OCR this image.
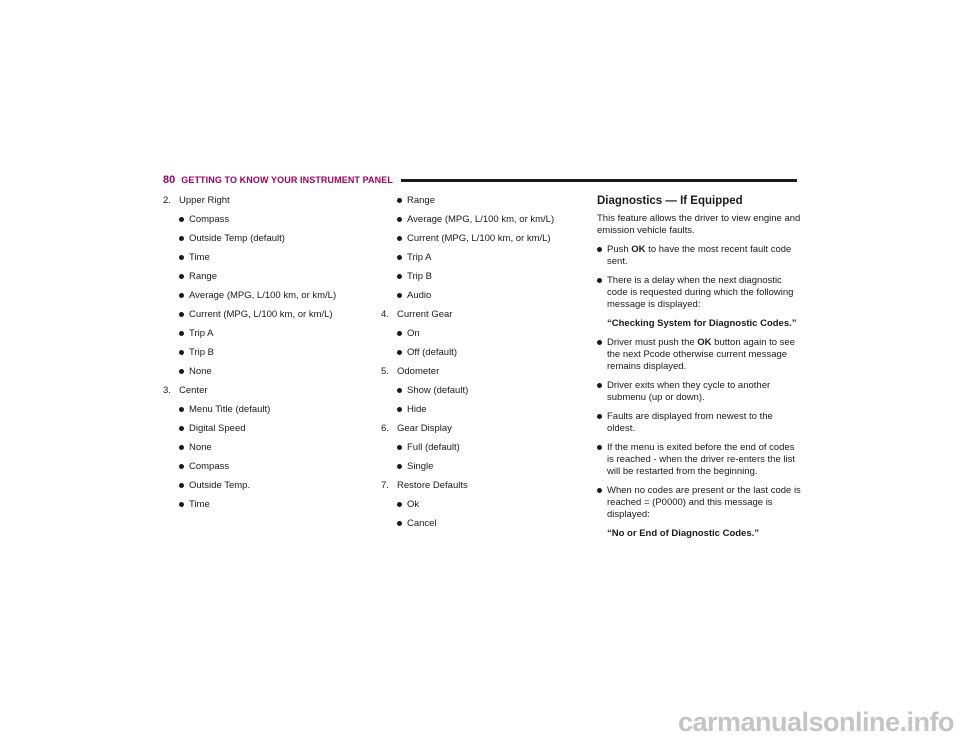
80 GETTING TO KNOW YOUR INSTRUMENT PANEL
2. Upper Right
Compass
Outside Temp (default)
Time
Range
Average (MPG, L/100 km, or km/L)
Current (MPG, L/100 km, or km/L)
Trip A
Trip B
None
3. Center
Menu Title (default)
Digital Speed
None
Compass
Outside Temp.
Time
Range
Average (MPG, L/100 km, or km/L)
Current (MPG, L/100 km, or km/L)
Trip A
Trip B
Audio
4. Current Gear
On
Off (default)
5. Odometer
Show (default)
Hide
6. Gear Display
Full (default)
Single
7. Restore Defaults
Ok
Cancel
Diagnostics — If Equipped

This feature allows the driver to view engine and emission vehicle faults.

Push OK to have the most recent fault code sent.
There is a delay when the next diagnostic code is requested during which the following message is displayed:

“Checking System for Diagnostic Codes.”

Driver must push the OK button again to see the next Pcode otherwise current message remains displayed.
Driver exits when they cycle to another submenu (up or down).
Faults are displayed from newest to the oldest.
If the menu is exited before the end of codes is reached - when the driver re-enters the list will be restarted from the beginning.
When no codes are present or the last code is reached = (P0000) and this message is displayed:

“No or End of Diagnostic Codes.”

carmanualsonline.info
